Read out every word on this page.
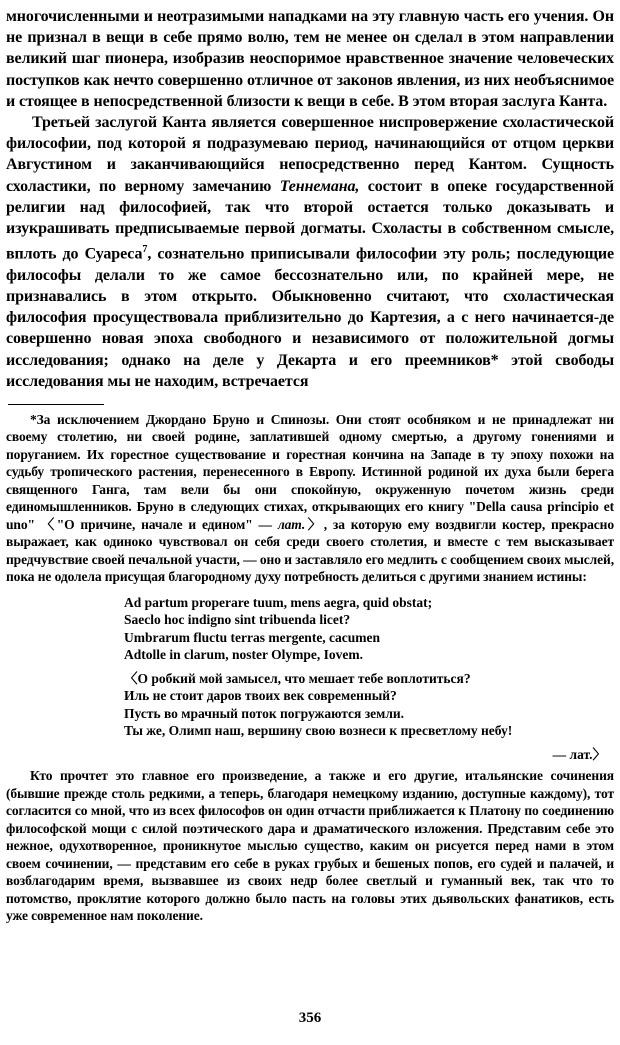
многочисленными и неотразимыми нападками на эту главную часть его учения. Он не признал в вещи в себе прямо волю, тем не менее он сделал в этом направлении великий шаг пионера, изобразив неоспоримое нравственное значение человеческих поступков как нечто совершенно отличное от законов явления, из них необъяснимое и стоящее в непосредственной близости к вещи в себе. В этом вторая заслуга Канта.

Третьей заслугой Канта является совершенное ниспровержение схоластической философии, под которой я подразумеваю период, начинающийся от отцом церкви Августином и заканчивающийся непосредственно перед Кантом. Сущность схоластики, по верному замечанию Теннемана, состоит в опеке государственной религии над философией, так что второй остается только доказывать и изукрашивать предписываемые первой догматы. Схоласты в собственном смысле, вплоть до Суареса$^7$, сознательно приписывали философии эту роль; последующие философы делали то же самое бессознательно или, по крайней мере, не признавались в этом открыто. Обыкновенно считают, что схоластическая философия просуществовала приблизительно до Картезия, а с него начинается-де совершенно новая эпоха свободного и независимого от положительной догмы исследования; однако на деле у Декарта и его преемников* этой свободы исследования мы не находим, встречается

*За исключением Джордано Бруно и Спинозы. Они стоят особняком и не принадлежат ни своему столетию, ни своей родине, заплатившей одному смертью, а другому гонениями и поруганием. Их горестное существование и горестная кончина на Западе в ту эпоху похожи на судьбу тропического растения, перенесенного в Европу. Истинной родиной их духа были берега священного Ганга, там вели бы они спокойную, окруженную почетом жизнь среди единомышленников. Бруно в следующих стихах, открывающих его книгу "Della causa principio et uno" 〈"О причине, начале и едином" — лат.〉, за которую ему воздвигли костер, прекрасно выражает, как одиноко чувствовал он себя среди своего столетия, и вместе с тем высказывает предчувствие своей печальной участи, — оно и заставляло его медлить с сообщением своих мыслей, пока не одолела присущая благородному духу потребность делиться с другими знанием истины:

Ad partum properare tuum, mens aegra, quid obstat;
Saeclo hoc indigno sint tribuenda licet?
Umbrarum fluctu terras mergente, cacumen
Adtolle in clarum, noster Olympe, Iovem.
〈О робкий мой замысел, что мешает тебе воплотиться?
Иль не стоит даров твоих век современный?
Пусть во мрачный поток погружаются земли.
Ты же, Олимп наш, вершину свою вознеси к пресветлому небу!
— лат.〉

Кто прочтет это главное его произведение, а также и его другие, итальянские сочинения (бывшие прежде столь редкими, а теперь, благодаря немецкому изданию, доступные каждому), тот согласится со мной, что из всех философов он один отчасти приближается к Платону по соединению философской мощи с силой поэтического дара и драматического изложения. Представим себе это нежное, одухотворенное, проникнутое мыслью существо, каким он рисуется перед нами в этом своем сочинении, — представим его себе в руках грубых и бешеных попов, его судей и палачей, и возблагодарим время, вызвавшее из своих недр более светлый и гуманный век, так что то потомство, проклятие которого должно было пасть на головы этих дьявольских фанатиков, есть уже современное нам поколение.

356
